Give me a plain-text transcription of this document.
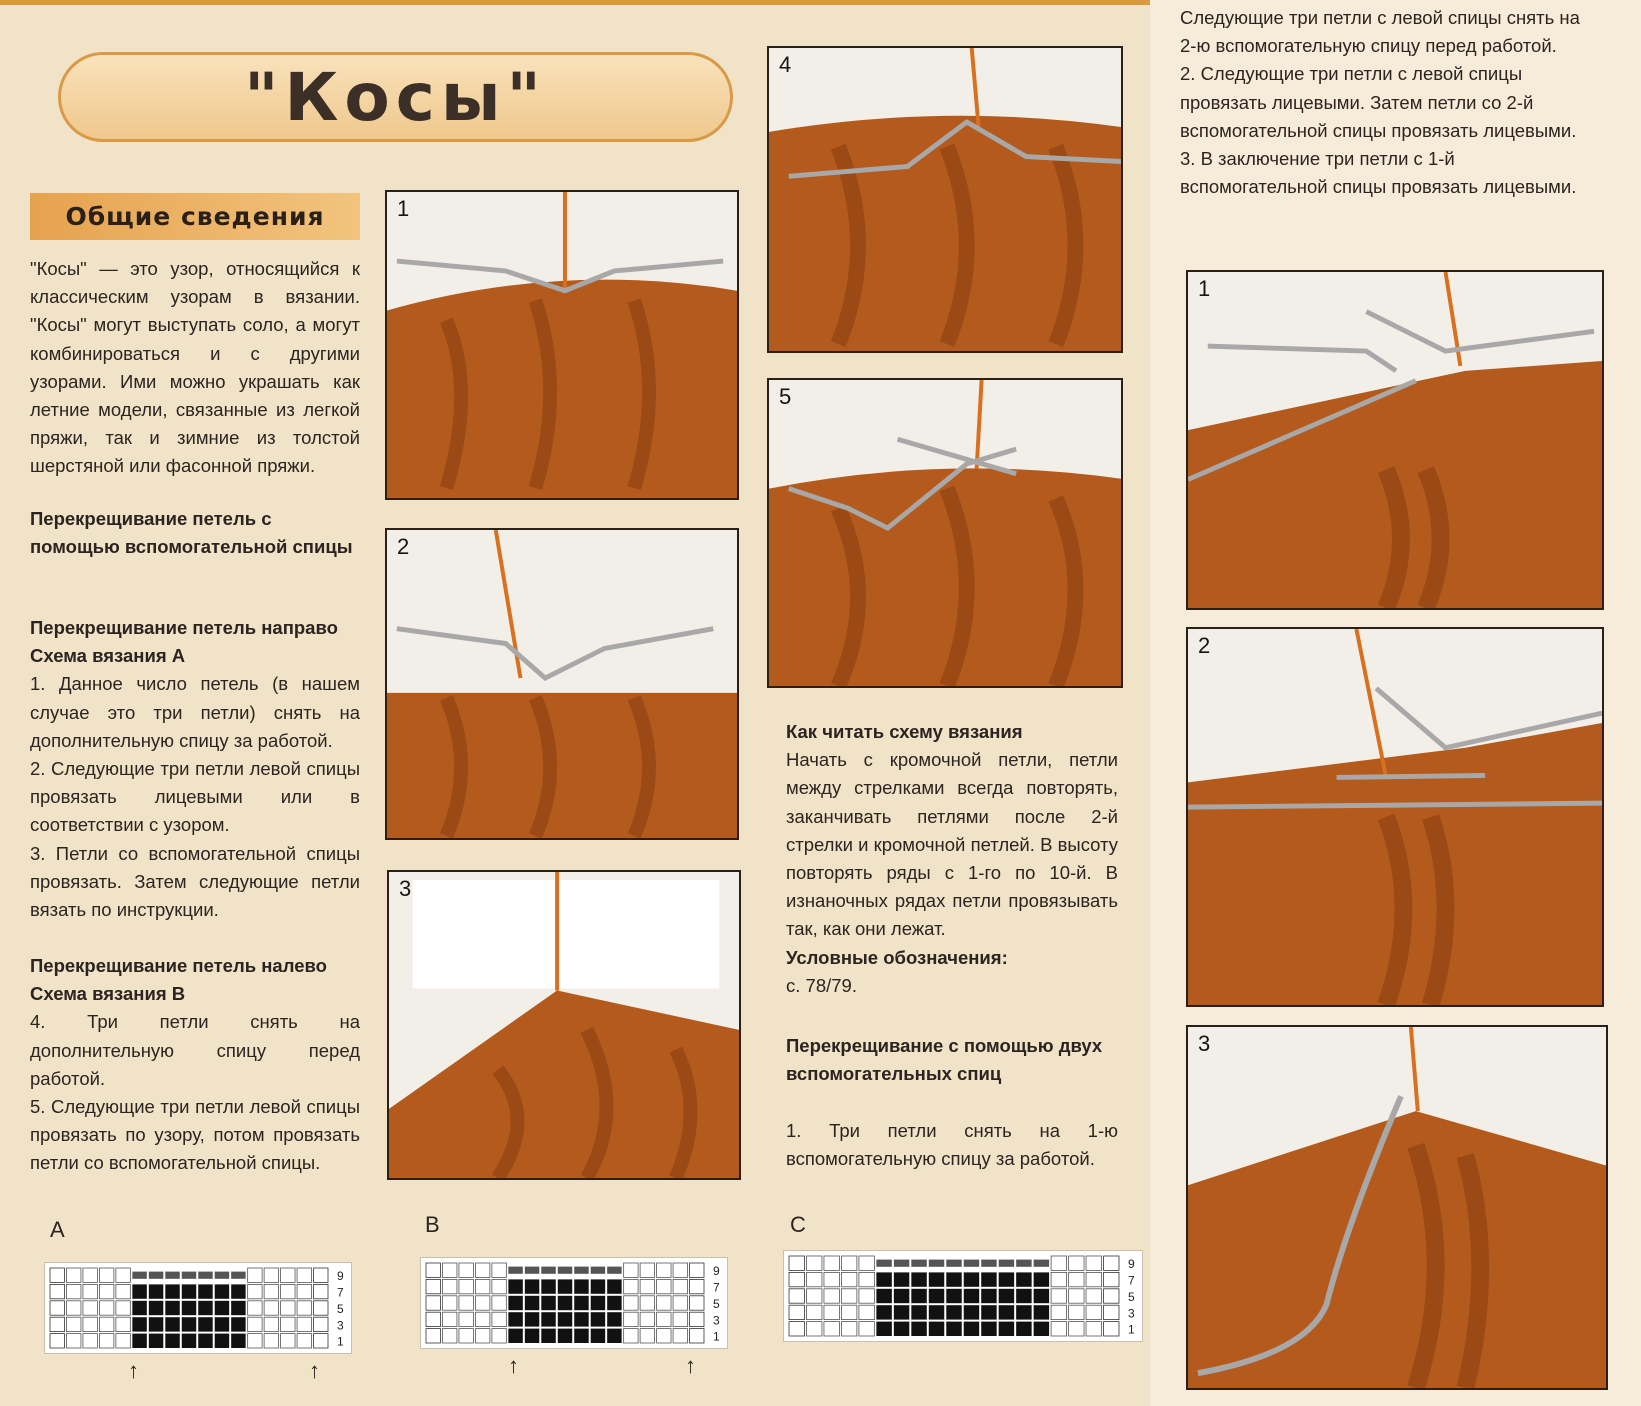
"Косы"
Общие сведения

"Косы" — это узор, относящийся к классическим узорам в вязании. "Косы" могут выступать соло, а могут комбинироваться и с другими узорами. Ими можно украшать как летние модели, связанные из легкой пряжи, так и зимние из толстой шерстяной или фасонной пряжи.

Перекрещивание петель с помощью вспомогательной спицы
Перекрещивание петель направо
Схема вязания А

1. Данное число петель (в нашем случае это три петли) снять на дополнительную спицу за работой.

2. Следующие три петли левой спицы провязать лицевыми или в соответствии с узором.

3. Петли со вспомогательной спицы провязать. Затем следующие петли вязать по инструкции.

Перекрещивание петель налево
Схема вязания В

4. Три петли снять на дополнительную спицу перед работой.

5. Следующие три петли левой спицы провязать по узору, потом провязать петли со вспомогательной спицы.

1
2
3
4
5
Как читать схему вязания

Начать с кромочной петли, петли между стрелками всегда повторять, заканчивать петлями после 2-й стрелки и кромочной петлей. В высоту повторять ряды с 1-го по 10-й. В изнаночных рядах петли провязывать так, как они лежат.

Условные обозначения:
с. 78/79.
Перекрещивание с помощью двух вспомогательных спиц

1. Три петли снять на 1-ю вспомогательную спицу за работой.

Следующие три петли с левой спицы снять на 2-ю вспомогательную спицу перед работой.

2. Следующие три петли с левой спицы провязать лицевыми. Затем петли со 2-й вспомогательной спицы провязать лицевыми.

3. В заключение три петли с 1-й вспомогательной спицы провязать лицевыми.

1
2
3
A
9
7
5
3
1
↑	↑
B
9
7
5
3
1
↑	↑
C
9
7
5
3
1
